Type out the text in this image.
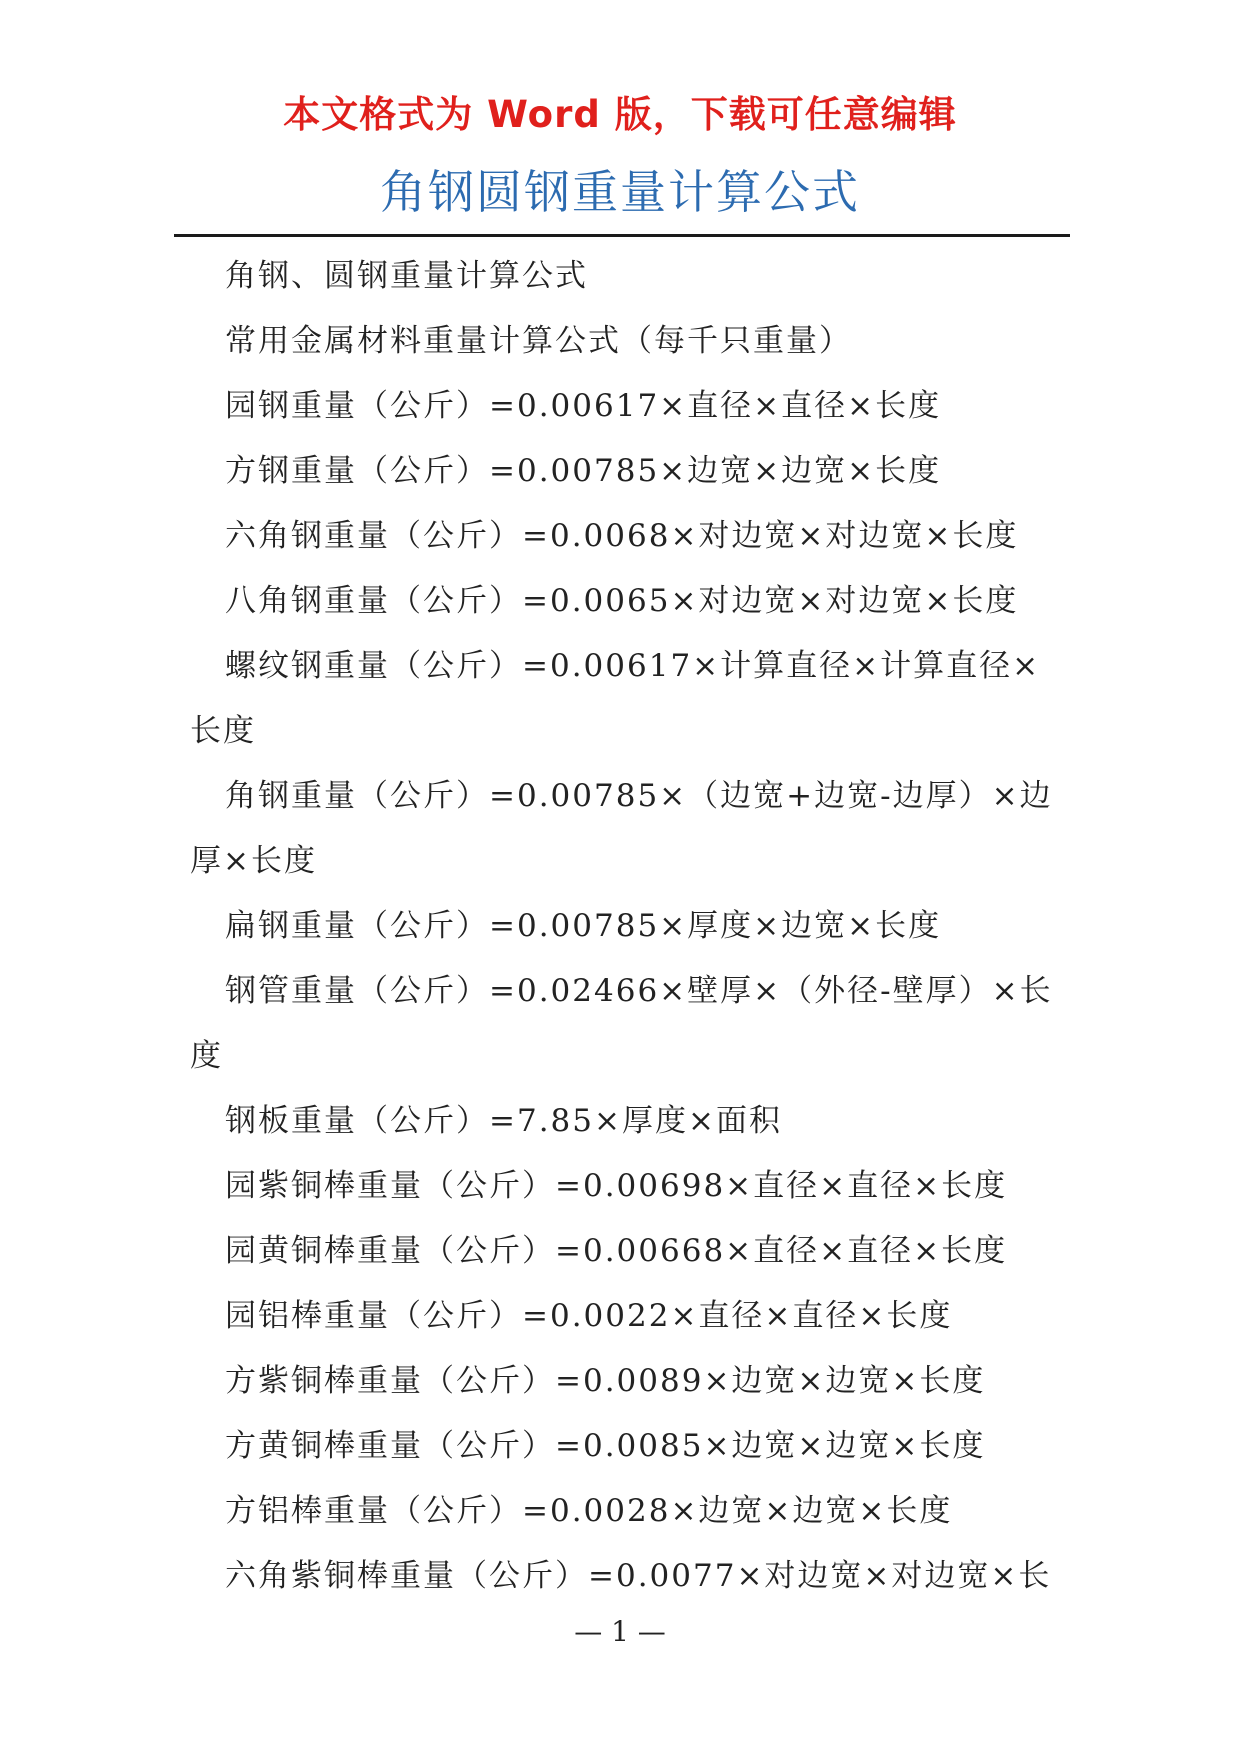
本文格式为 Word 版，下载可任意编辑
角钢圆钢重量计算公式
角钢、圆钢重量计算公式
常用金属材料重量计算公式（每千只重量）
园钢重量（公斤）=0.00617×直径×直径×长度
方钢重量（公斤）=0.00785×边宽×边宽×长度
六角钢重量（公斤）=0.0068×对边宽×对边宽×长度
八角钢重量（公斤）=0.0065×对边宽×对边宽×长度
螺纹钢重量（公斤）=0.00617×计算直径×计算直径×长度
角钢重量（公斤）=0.00785×（边宽+边宽-边厚）×边厚×长度
扁钢重量（公斤）=0.00785×厚度×边宽×长度
钢管重量（公斤）=0.02466×壁厚×（外径-壁厚）×长度
钢板重量（公斤）=7.85×厚度×面积
园紫铜棒重量（公斤）=0.00698×直径×直径×长度
园黄铜棒重量（公斤）=0.00668×直径×直径×长度
园铝棒重量（公斤）=0.0022×直径×直径×长度
方紫铜棒重量（公斤）=0.0089×边宽×边宽×长度
方黄铜棒重量（公斤）=0.0085×边宽×边宽×长度
方铝棒重量（公斤）=0.0028×边宽×边宽×长度
六角紫铜棒重量（公斤）=0.0077×对边宽×对边宽×长
— 1 —
